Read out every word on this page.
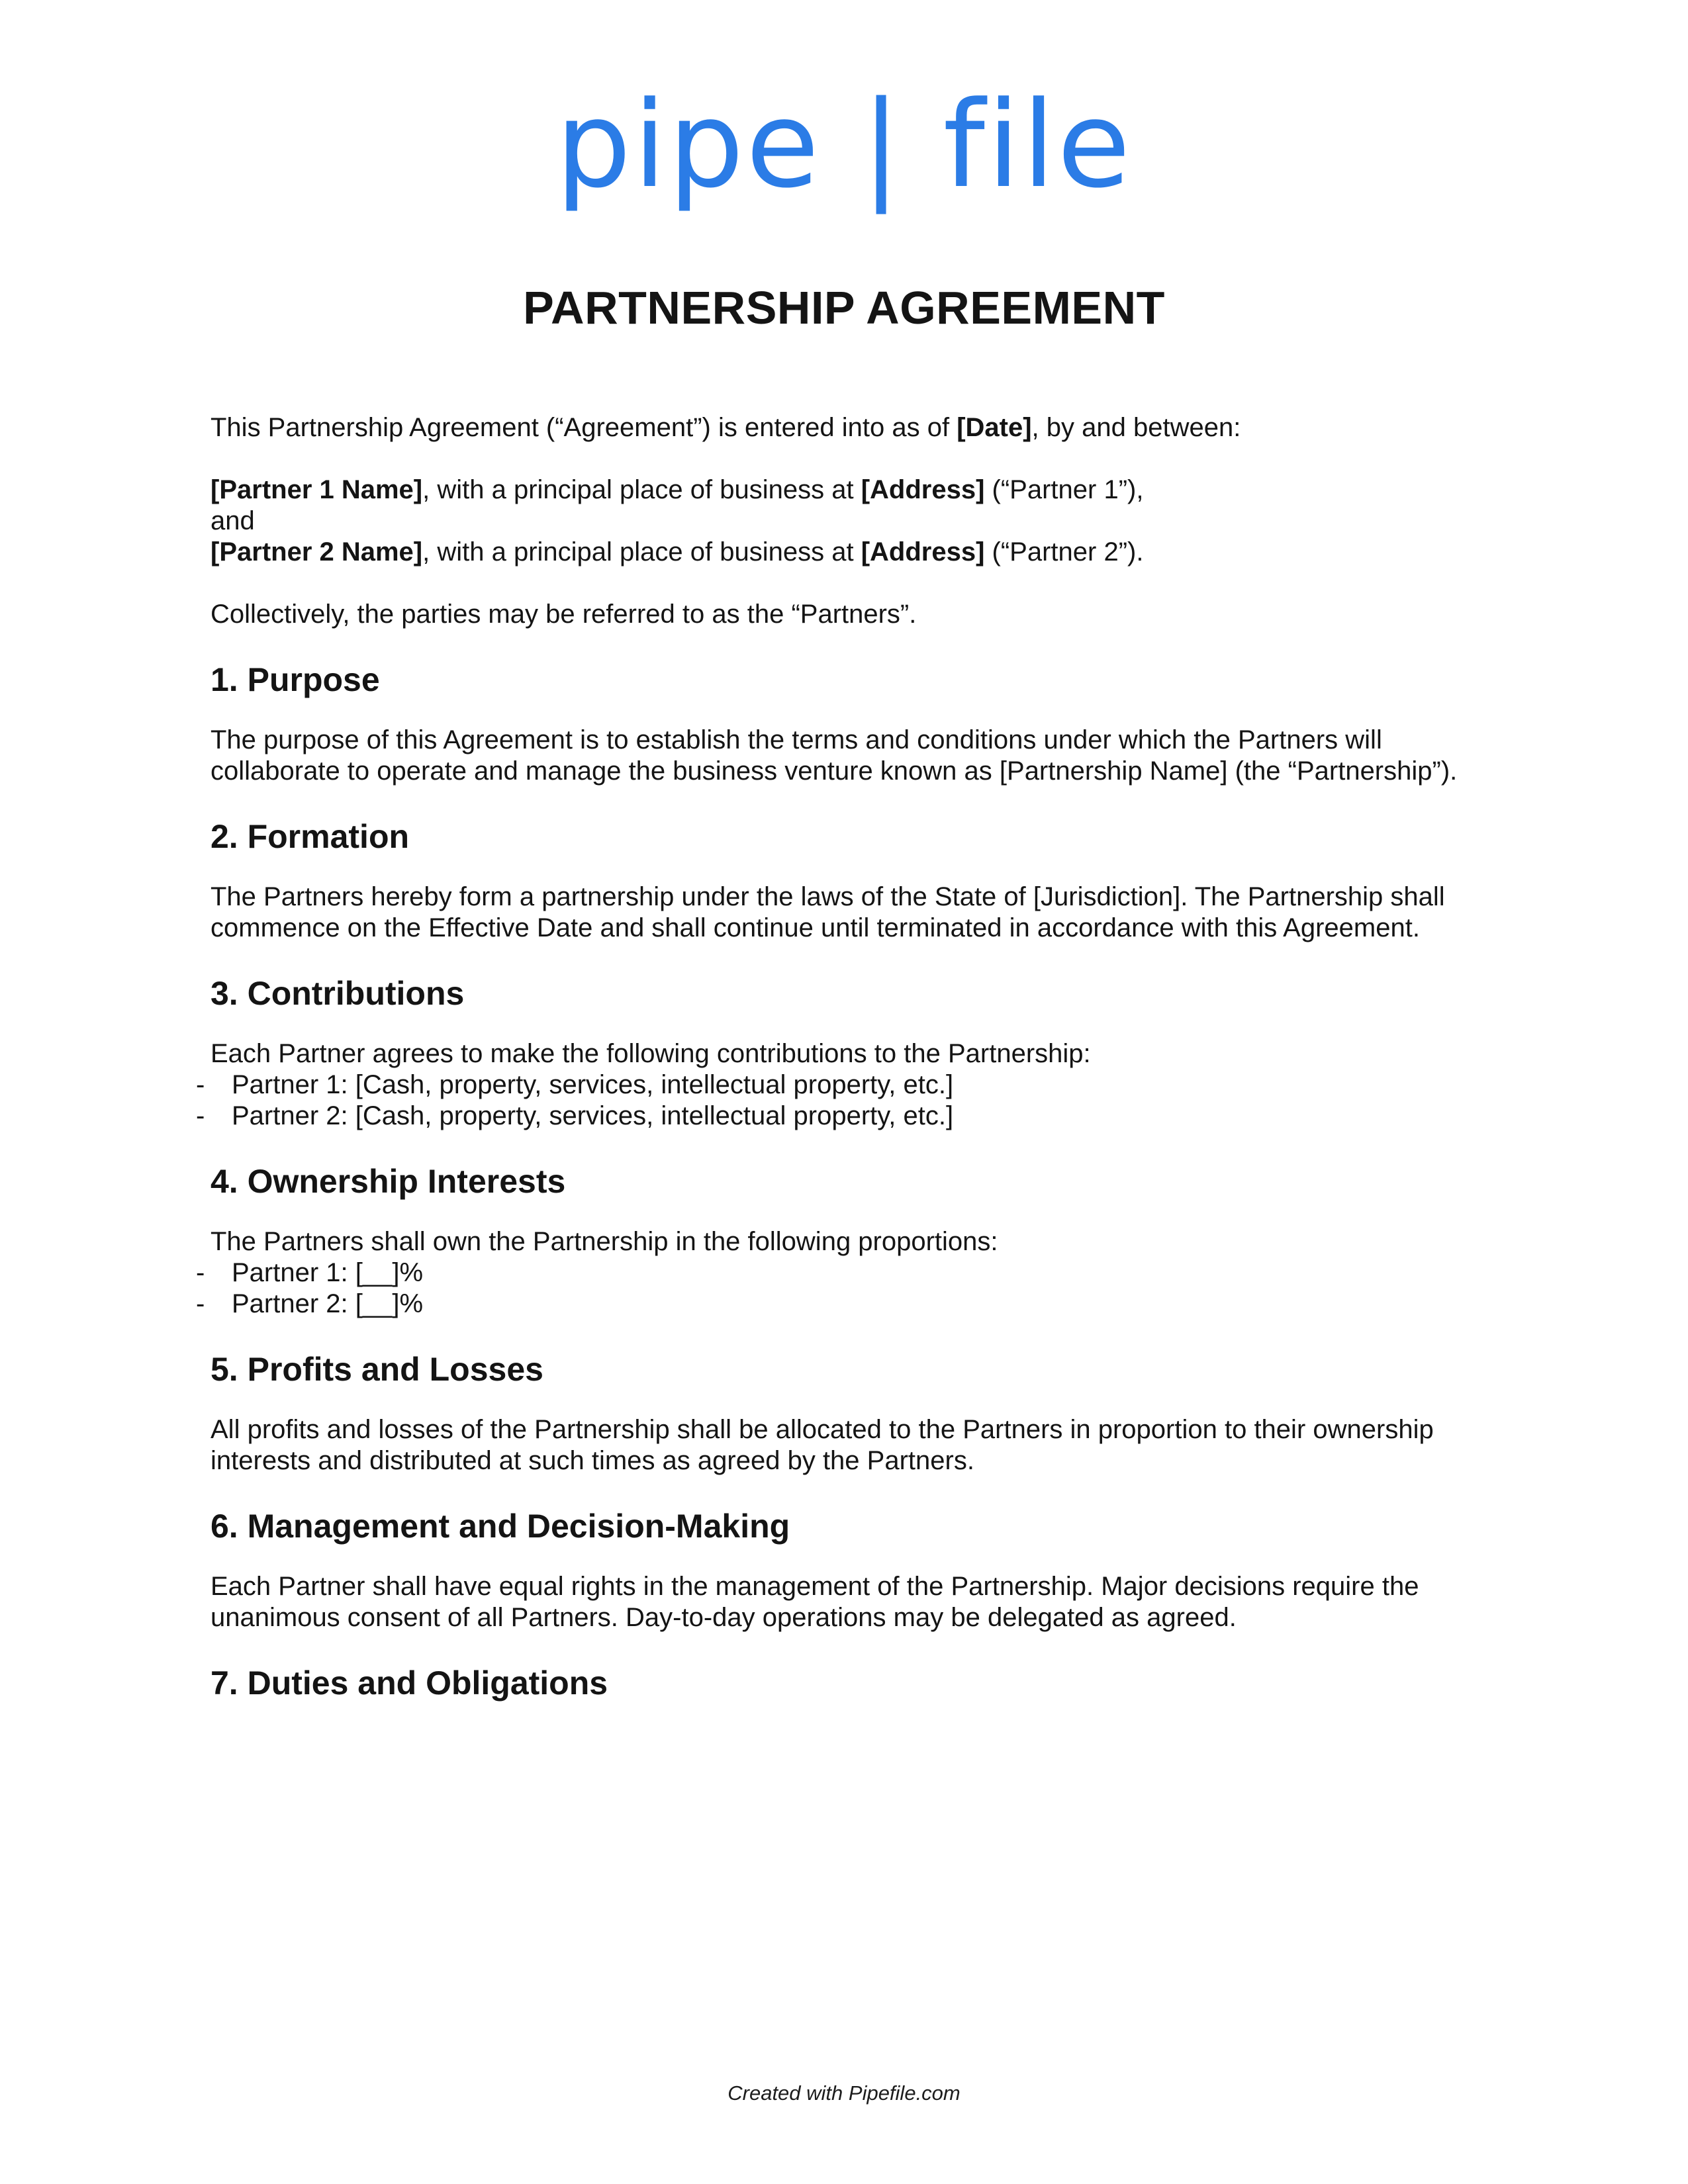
pipe | file
PARTNERSHIP AGREEMENT

This Partnership Agreement (“Agreement”) is entered into as of [Date], by and between:

[Partner 1 Name], with a principal place of business at [Address] (“Partner 1”),
and
[Partner 2 Name], with a principal place of business at [Address] (“Partner 2”).

Collectively, the parties may be referred to as the “Partners”.

1. Purpose

The purpose of this Agreement is to establish the terms and conditions under which the Partners will collaborate to operate and manage the business venture known as [Partnership Name] (the “Partnership”).

2. Formation

The Partners hereby form a partnership under the laws of the State of [Jurisdiction]. The Partnership shall commence on the Effective Date and shall continue until terminated in accordance with this Agreement.

3. Contributions

Each Partner agrees to make the following contributions to the Partnership:

-	Partner 1: [Cash, property, services, intellectual property, etc.]
-	Partner 2: [Cash, property, services, intellectual property, etc.]
4. Ownership Interests

The Partners shall own the Partnership in the following proportions:

-	Partner 1: [__]%
-	Partner 2: [__]%
5. Profits and Losses

All profits and losses of the Partnership shall be allocated to the Partners in proportion to their ownership interests and distributed at such times as agreed by the Partners.

6. Management and Decision-Making

Each Partner shall have equal rights in the management of the Partnership. Major decisions require the unanimous consent of all Partners. Day-to-day operations may be delegated as agreed.

7. Duties and Obligations
Created with Pipefile.com
